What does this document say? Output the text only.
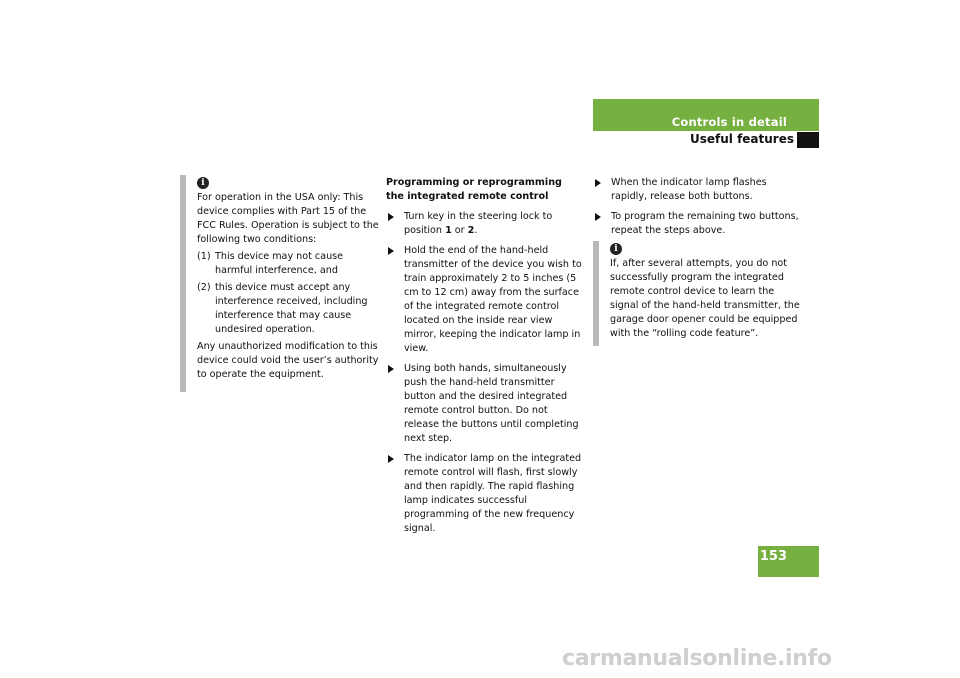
Controls in detail
Useful features
i

For operation in the USA only: This device complies with Part 15 of the FCC Rules. Operation is subject to the following two conditions:

(1) This device may not cause harmful interference, and
(2) this device must accept any interference received, including interference that may cause undesired operation.

Any unauthorized modification to this device could void the user’s authority to operate the equipment.

Programming or reprogramming the integrated remote control
Turn key in the steering lock to position 1 or 2.
Hold the end of the hand-held transmitter of the device you wish to train approximately 2 to 5 inches (5 cm to 12 cm) away from the surface of the integrated remote control located on the inside rear view mirror, keeping the indicator lamp in view.
Using both hands, simultaneously push the hand-held transmitter button and the desired integrated remote control button. Do not release the buttons until completing next step.
The indicator lamp on the integrated remote control will flash, first slowly and then rapidly. The rapid flashing lamp indicates successful programming of the new frequency signal.
When the indicator lamp flashes rapidly, release both buttons.
To program the remaining two buttons, repeat the steps above.
i

If, after several attempts, you do not successfully program the integrated remote control device to learn the signal of the hand-held transmitter, the garage door opener could be equipped with the “rolling code feature”.

153
carmanualsonline.info
